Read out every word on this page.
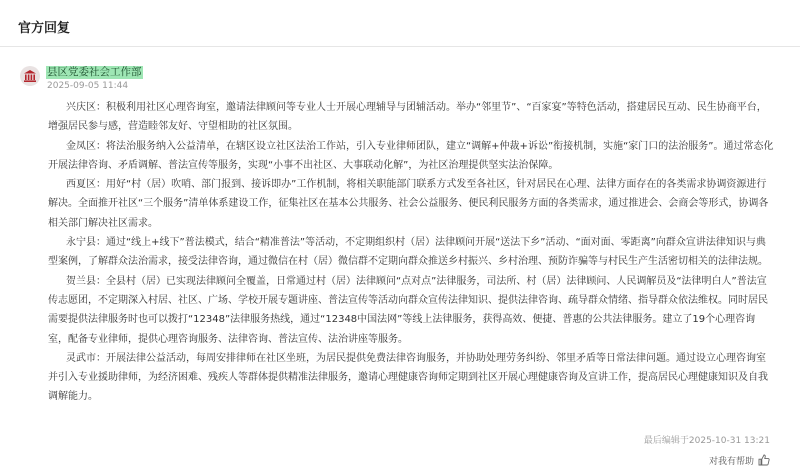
官方回复
县区党委社会工作部
2025-09-05 11:44

兴庆区：积极利用社区心理咨询室，邀请法律顾问等专业人士开展心理辅导与团辅活动。举办“邻里节”、“百家宴”等特色活动，搭建居民互动、民生协商平台，增强居民参与感，营造睦邻友好、守望相助的社区氛围。

金凤区：将法治服务纳入公益清单，在辖区设立社区法治工作站，引入专业律师团队，建立“调解+仲裁+诉讼”衔接机制，实施“家门口的法治服务”。通过常态化开展法律咨询、矛盾调解、普法宣传等服务，实现“小事不出社区、大事联动化解”，为社区治理提供坚实法治保障。

西夏区：用好“村（居）吹哨、部门报到、接诉即办”工作机制，将相关职能部门联系方式发至各社区，针对居民在心理、法律方面存在的各类需求协调资源进行解决。全面推开社区“三个服务”清单体系建设工作，征集社区在基本公共服务、社会公益服务、便民利民服务方面的各类需求，通过推进会、会商会等形式，协调各相关部门解决社区需求。

永宁县：通过“线上+线下”普法模式，结合“精准普法”等活动，不定期组织村（居）法律顾问开展“送法下乡”活动、“面对面、零距离”向群众宣讲法律知识与典型案例，了解群众法治需求，接受法律咨询，通过微信在村（居）微信群不定期向群众推送乡村振兴、乡村治理、预防诈骗等与村民生产生活密切相关的法律法规。

贺兰县：全县村（居）已实现法律顾问全覆盖，日常通过村（居）法律顾问“点对点”法律服务，司法所、村（居）法律顾问、人民调解员及“法律明白人”普法宣传志愿团，不定期深入村居、社区、广场、学校开展专题讲座、普法宣传等活动向群众宣传法律知识、提供法律咨询、疏导群众情绪、指导群众依法维权。同时居民需要提供法律服务时也可以拨打“12348”法律服务热线，通过“12348中国法网”等线上法律服务，获得高效、便捷、普惠的公共法律服务。建立了19个心理咨询室，配备专业律师，提供心理咨询服务、法律咨询、普法宣传、法治讲座等服务。

灵武市：开展法律公益活动，每周安排律师在社区坐班，为居民提供免费法律咨询服务，并协助处理劳务纠纷、邻里矛盾等日常法律问题。通过设立心理咨询室并引入专业援助律师，为经济困难、残疾人等群体提供精准法律服务，邀请心理健康咨询师定期到社区开展心理健康咨询及宣讲工作，提高居民心理健康知识及自我调解能力。

最后编辑于2025-10-31 13:21
对我有帮助
